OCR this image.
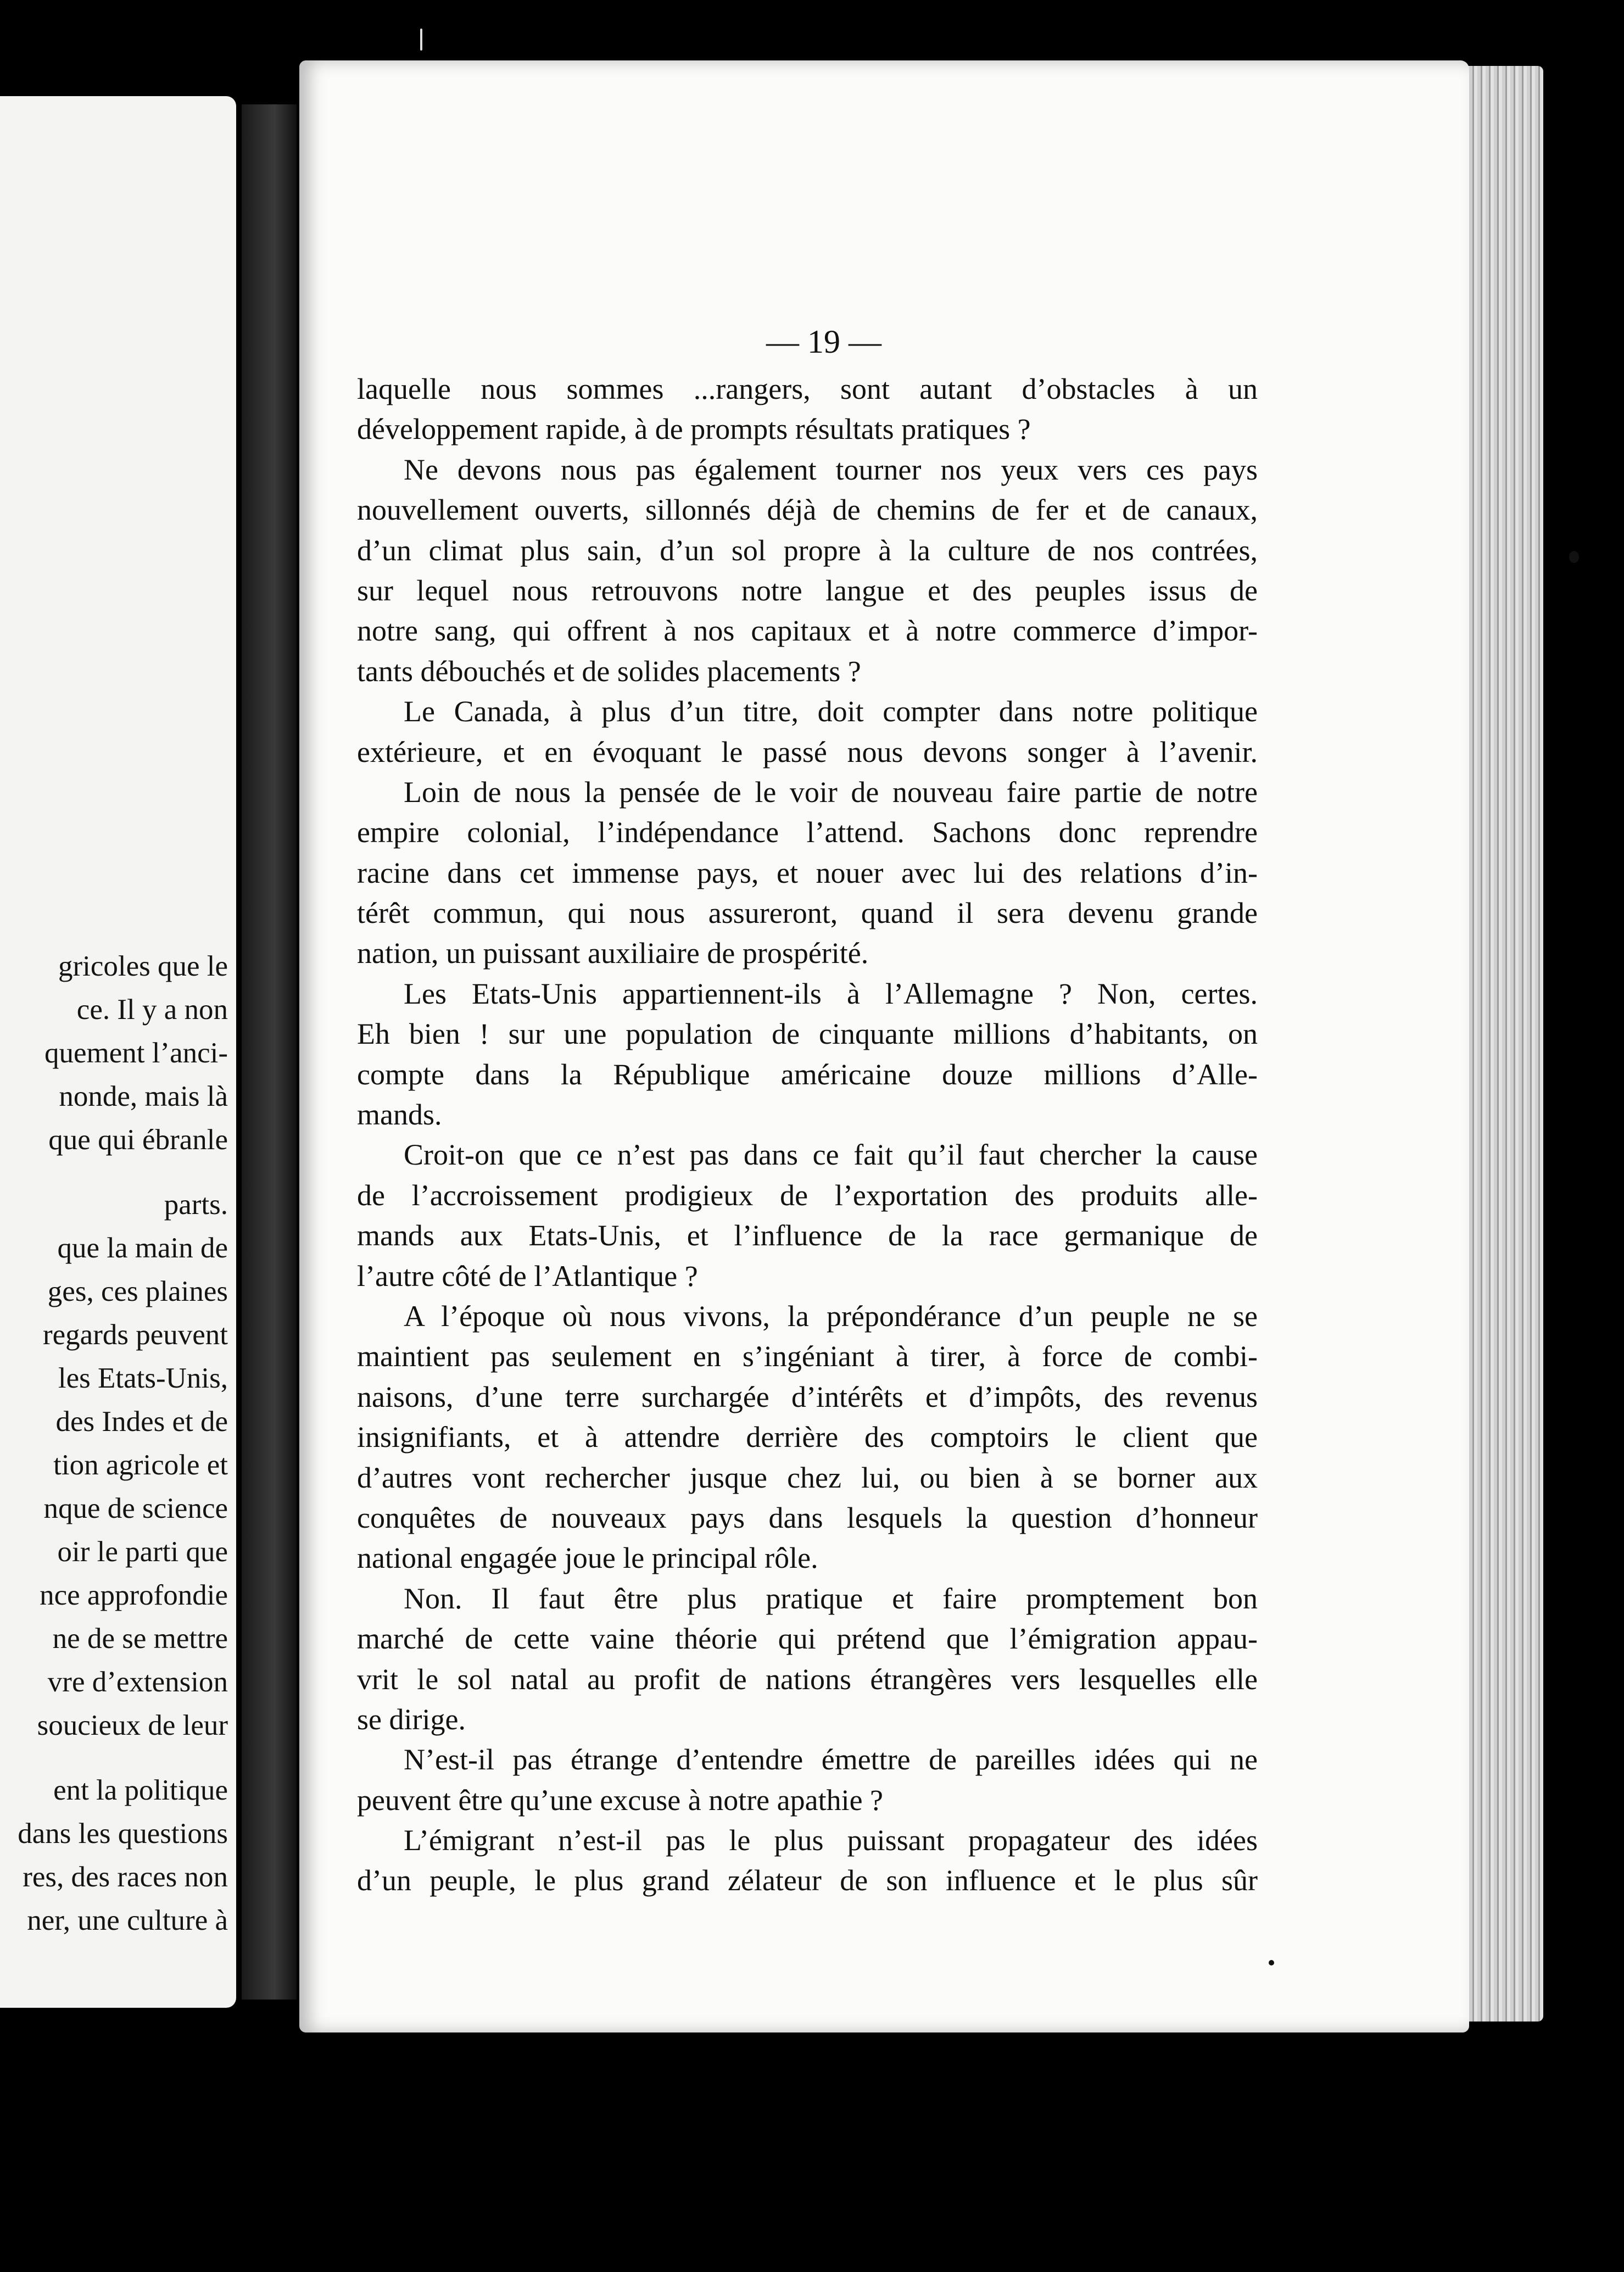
gricoles que le
ce. Il y a non
quement l’anci-
nonde, mais là
que qui ébranle
parts.
que la main de
ges, ces plaines
regards peuvent
les Etats-Unis,
des Indes et de
tion agricole et
nque de science
oir le parti que
nce approfondie
ne de se mettre
vre d’extension
soucieux de leur
ent la politique
dans les questions
res, des races non
ner, une culture à
— 19 —
laquelle nous sommes ...rangers, sont autant d’obstacles à un
développement rapide, à de prompts résultats pratiques ?
Ne devons nous pas également tourner nos yeux vers ces pays
nouvellement ouverts, sillonnés déjà de chemins de fer et de canaux,
d’un climat plus sain, d’un sol propre à la culture de nos contrées,
sur lequel nous retrouvons notre langue et des peuples issus de
notre sang, qui offrent à nos capitaux et à notre commerce d’impor-
tants débouchés et de solides placements ?
Le Canada, à plus d’un titre, doit compter dans notre politique
extérieure, et en évoquant le passé nous devons songer à l’avenir.
Loin de nous la pensée de le voir de nouveau faire partie de notre
empire colonial, l’indépendance l’attend. Sachons donc reprendre
racine dans cet immense pays, et nouer avec lui des relations d’in-
térêt commun, qui nous assureront, quand il sera devenu grande
nation, un puissant auxiliaire de prospérité.
Les Etats-Unis appartiennent-ils à l’Allemagne ? Non, certes.
Eh bien ! sur une population de cinquante millions d’habitants, on
compte dans la République américaine douze millions d’Alle-
mands.
Croit-on que ce n’est pas dans ce fait qu’il faut chercher la cause
de l’accroissement prodigieux de l’exportation des produits alle-
mands aux Etats-Unis, et l’influence de la race germanique de
l’autre côté de l’Atlantique ?
A l’époque où nous vivons, la prépondérance d’un peuple ne se
maintient pas seulement en s’ingéniant à tirer, à force de combi-
naisons, d’une terre surchargée d’intérêts et d’impôts, des revenus
insignifiants, et à attendre derrière des comptoirs le client que
d’autres vont rechercher jusque chez lui, ou bien à se borner aux
conquêtes de nouveaux pays dans lesquels la question d’honneur
national engagée joue le principal rôle.
Non. Il faut être plus pratique et faire promptement bon
marché de cette vaine théorie qui prétend que l’émigration appau-
vrit le sol natal au profit de nations étrangères vers lesquelles elle
se dirige.
N’est-il pas étrange d’entendre émettre de pareilles idées qui ne
peuvent être qu’une excuse à notre apathie ?
L’émigrant n’est-il pas le plus puissant propagateur des idées
d’un peuple, le plus grand zélateur de son influence et le plus sûr
